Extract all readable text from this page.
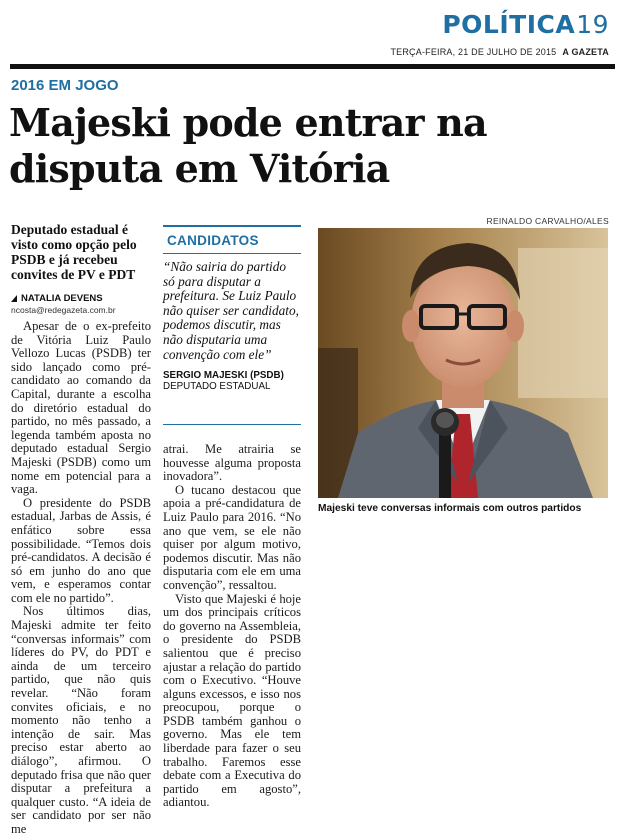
POLÍTICA19
TERÇA-FEIRA, 21 DE JULHO DE 2015 A GAZETA
2016 EM JOGO
Majeski pode entrar na disputa em Vitória
Deputado estadual é visto como opção pelo PSDB e já recebeu convites de PV e PDT
NATALIA DEVENS
ncosta@redegazeta.com.br

Apesar de o ex-prefeito de Vitória Luiz Paulo Vellozo Lucas (PSDB) ter sido lançado como pré-candidato ao comando da Capital, durante a escolha do diretório estadual do partido, no mês passado, a legenda também aposta no deputado estadual Sergio Majeski (PSDB) como um nome em potencial para a vaga.

O presidente do PSDB estadual, Jarbas de Assis, é enfático sobre essa possibilidade. “Temos dois pré-candidatos. A decisão é só em junho do ano que vem, e esperamos contar com ele no partido”.

Nos últimos dias, Majeski admite ter feito “conversas informais” com líderes do PV, do PDT e ainda de um terceiro partido, que não quis revelar. “Não foram convites oficiais, e no momento não tenho a intenção de sair. Mas preciso estar aberto ao diálogo”, afirmou. O deputado frisa que não quer disputar a prefeitura a qualquer custo. “A ideia de ser candidato por ser não me

CANDIDATOS
“Não sairia do partido só para disputar a prefeitura. Se Luiz Paulo não quiser ser candidato, podemos discutir, mas não disputaria uma convenção com ele”
SERGIO MAJESKI (PSDB)
DEPUTADO ESTADUAL

atrai. Me atrairia se houvesse alguma proposta inovadora”.

O tucano destacou que apoia a pré-candidatura de Luiz Paulo para 2016. “No ano que vem, se ele não quiser por algum motivo, podemos discutir. Mas não disputaria com ele em uma convenção”, ressaltou.

Visto que Majeski é hoje um dos principais críticos do governo na Assembleia, o presidente do PSDB salientou que é preciso ajustar a relação do partido com o Executivo. “Houve alguns excessos, e isso nos preocupou, porque o PSDB também ganhou o governo. Mas ele tem liberdade para fazer o seu trabalho. Faremos esse debate com a Executiva do partido em agosto”, adiantou.

REINALDO CARVALHO/ALES
Majeski teve conversas informais com outros partidos
